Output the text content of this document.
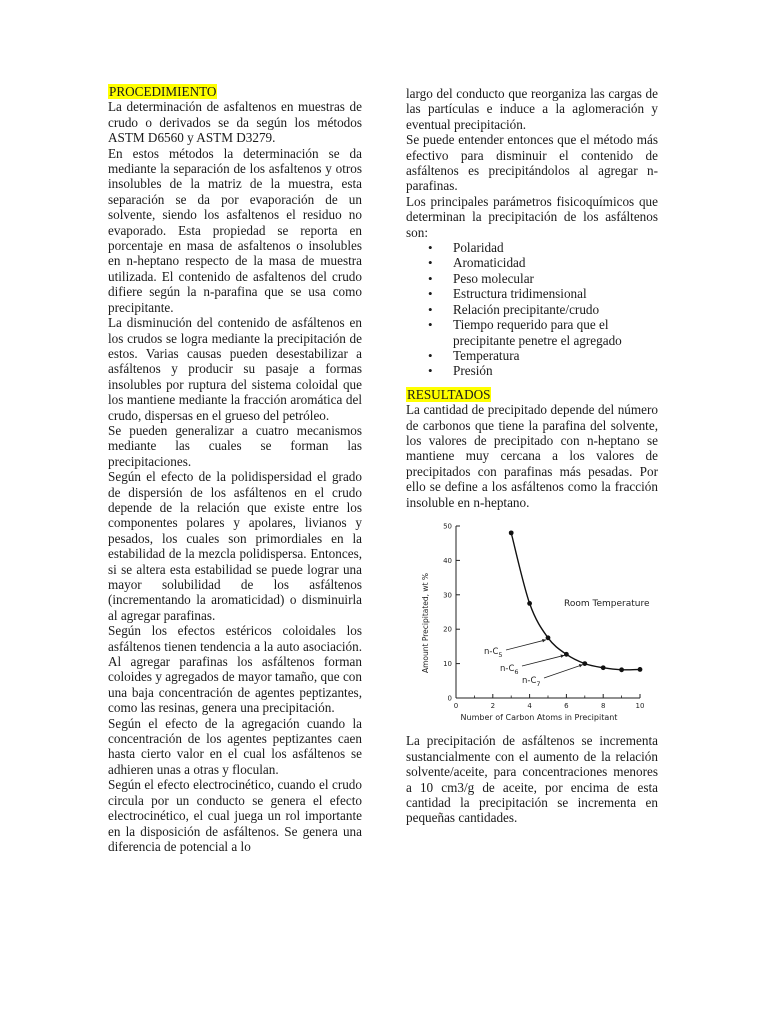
PROCEDIMIENTO

La determinación de asfaltenos en muestras de crudo o derivados se da según los métodos ASTM D6560 y ASTM D3279.

En estos métodos la determinación se da mediante la separación de los asfaltenos y otros insolubles de la matriz de la muestra, esta separación se da por evaporación de un solvente, siendo los asfaltenos el residuo no evaporado. Esta propiedad se reporta en porcentaje en masa de asfaltenos o insolubles en n-heptano respecto de la masa de muestra utilizada. El contenido de asfaltenos del crudo difiere según la n-parafina que se usa como precipitante.

La disminución del contenido de asfáltenos en los crudos se logra mediante la precipitación de estos. Varias causas pueden desestabilizar a asfáltenos y producir su pasaje a formas insolubles por ruptura del sistema coloidal que los mantiene mediante la fracción aromática del crudo, dispersas en el grueso del petróleo.

Se pueden generalizar a cuatro mecanismos mediante las cuales se forman las precipitaciones.

Según el efecto de la polidispersidad el grado de dispersión de los asfáltenos en el crudo depende de la relación que existe entre los componentes polares y apolares, livianos y pesados, los cuales son primordiales en la estabilidad de la mezcla polidispersa. Entonces, si se altera esta estabilidad se puede lograr una mayor solubilidad de los asfáltenos (incrementando la aromaticidad) o disminuirla al agregar parafinas.

Según los efectos estéricos coloidales los asfáltenos tienen tendencia a la auto asociación. Al agregar parafinas los asfáltenos forman coloides y agregados de mayor tamaño, que con una baja concentración de agentes peptizantes, como las resinas, genera una precipitación.

Según el efecto de la agregación cuando la concentración de los agentes peptizantes caen hasta cierto valor en el cual los asfáltenos se adhieren unas a otras y floculan.

Según el efecto electrocinético, cuando el crudo circula por un conducto se genera el efecto electrocinético, el cual juega un rol importante en la disposición de asfáltenos. Se genera una diferencia de potencial a lo

largo del conducto que reorganiza las cargas de las partículas e induce a la aglomeración y eventual precipitación.

Se puede entender entonces que el método más efectivo para disminuir el contenido de asfáltenos es precipitándolos al agregar n-parafinas.

Los principales parámetros fisicoquímicos que determinan la precipitación de los asfáltenos son:

• Polaridad
• Aromaticidad
• Peso molecular
• Estructura tridimensional
• Relación precipitante/crudo
• Tiempo requerido para que el precipitante penetre el agregado
• Temperatura
• Presión
RESULTADOS

La cantidad de precipitado depende del número de carbonos que tiene la parafina del solvente, los valores de precipitado con n-heptano se mantiene muy cercana a los valores de precipitados con parafinas más pesadas. Por ello se define a los asfáltenos como la fracción insoluble en n-heptano.

0
10
20
30
40
50
0	2	4	6	8	10
Amount Precipitated, wt %
Number of Carbon Atoms in Precipitant
Room Temperature
$n-C_5$
$n-C_6$
$n-C_7$

La precipitación de asfáltenos se incrementa sustancialmente con el aumento de la relación solvente/aceite, para concentraciones menores a 10 cm3/g de aceite, por encima de esta cantidad la precipitación se incrementa en pequeñas cantidades.
